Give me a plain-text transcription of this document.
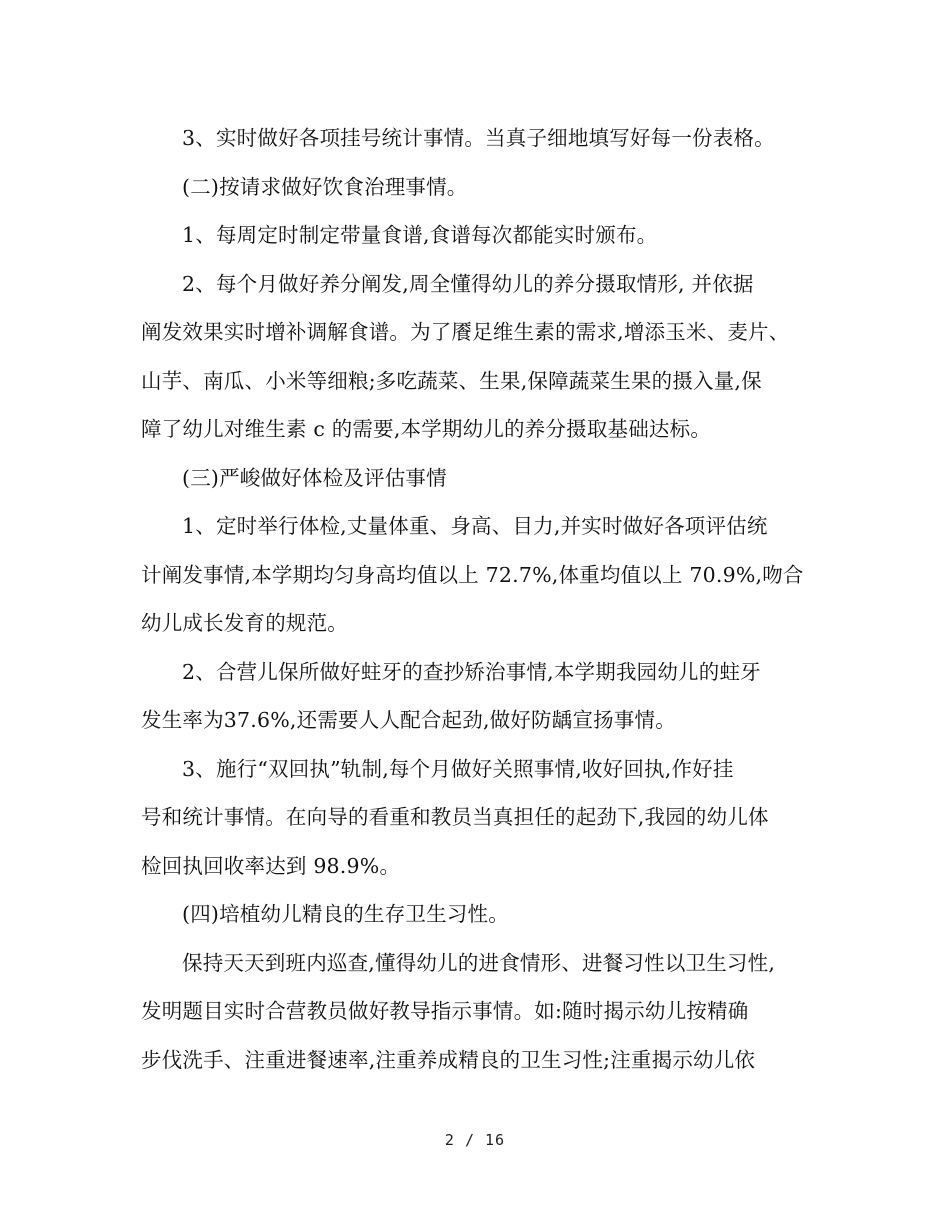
3、实时做好各项挂号统计事情。当真子细地填写好每一份表格。
(二)按请求做好饮食治理事情。
1、每周定时制定带量食谱,食谱每次都能实时颁布。
2、每个月做好养分阐发,周全懂得幼儿的养分摄取情形, 并依据
阐发效果实时增补调解食谱。为了餍足维生素的需求,增添玉米、麦片、
山芋、南瓜、小米等细粮;多吃蔬菜、生果,保障蔬菜生果的摄入量,保
障了幼儿对维生素 c 的需要,本学期幼儿的养分摄取基础达标。
(三)严峻做好体检及评估事情
1、定时举行体检,丈量体重、身高、目力,并实时做好各项评估统
计阐发事情,本学期均匀身高均值以上 72.7%,体重均值以上 70.9%,吻合
幼儿成长发育的规范。
2、合营儿保所做好蛀牙的查抄矫治事情,本学期我园幼儿的蛀牙
发生率为37.6%,还需要人人配合起劲,做好防龋宣扬事情。
3、施行“双回执”轨制,每个月做好关照事情,收好回执,作好挂
号和统计事情。在向导的看重和教员当真担任的起劲下,我园的幼儿体
检回执回收率达到 98.9%。
(四)培植幼儿精良的生存卫生习性。
保持天天到班内巡查,懂得幼儿的进食情形、进餐习性以卫生习性,
发明题目实时合营教员做好教导指示事情。如:随时揭示幼儿按精确
步伐洗手、注重进餐速率,注重养成精良的卫生习性;注重揭示幼儿依
2 / 16
